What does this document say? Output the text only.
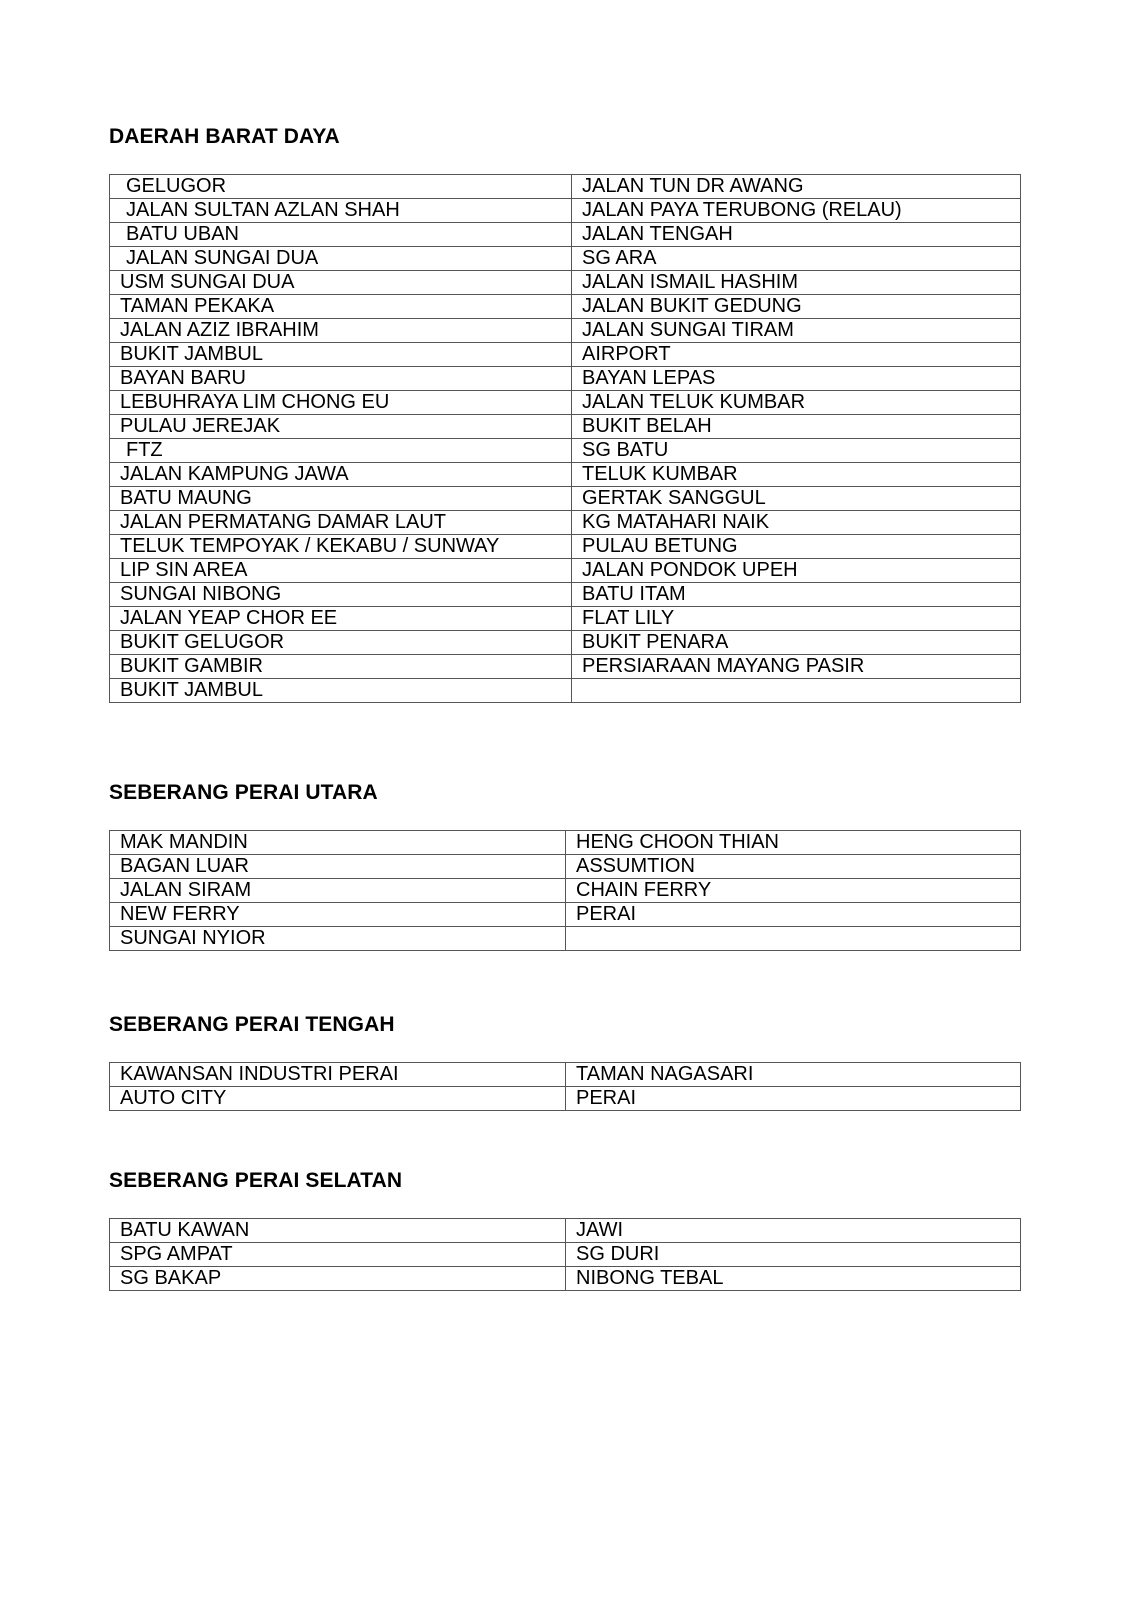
DAERAH BARAT DAYA
GELUGOR	JALAN TUN DR AWANG
JALAN SULTAN AZLAN SHAH	JALAN PAYA TERUBONG (RELAU)
BATU UBAN	JALAN TENGAH
JALAN SUNGAI DUA	SG ARA
USM SUNGAI DUA	JALAN ISMAIL HASHIM
TAMAN PEKAKA	JALAN BUKIT GEDUNG
JALAN AZIZ IBRAHIM	JALAN SUNGAI TIRAM
BUKIT JAMBUL	AIRPORT
BAYAN BARU	BAYAN LEPAS
LEBUHRAYA LIM CHONG EU	JALAN TELUK KUMBAR
PULAU JEREJAK	BUKIT BELAH
FTZ	SG BATU
JALAN KAMPUNG JAWA	TELUK KUMBAR
BATU MAUNG	GERTAK SANGGUL
JALAN PERMATANG DAMAR LAUT	KG MATAHARI NAIK
TELUK TEMPOYAK / KEKABU / SUNWAY	PULAU BETUNG
LIP SIN AREA	JALAN PONDOK UPEH
SUNGAI NIBONG	BATU ITAM
JALAN YEAP CHOR EE	FLAT LILY
BUKIT GELUGOR	BUKIT PENARA
BUKIT GAMBIR	PERSIARAAN MAYANG PASIR
BUKIT JAMBUL	
SEBERANG PERAI UTARA
MAK MANDIN	HENG CHOON THIAN
BAGAN LUAR	ASSUMTION
JALAN SIRAM	CHAIN FERRY
NEW FERRY	PERAI
SUNGAI NYIOR	
SEBERANG PERAI TENGAH
KAWANSAN INDUSTRI PERAI	TAMAN NAGASARI
AUTO CITY	PERAI
SEBERANG PERAI SELATAN
BATU KAWAN	JAWI
SPG AMPAT	SG DURI
SG BAKAP	NIBONG TEBAL
